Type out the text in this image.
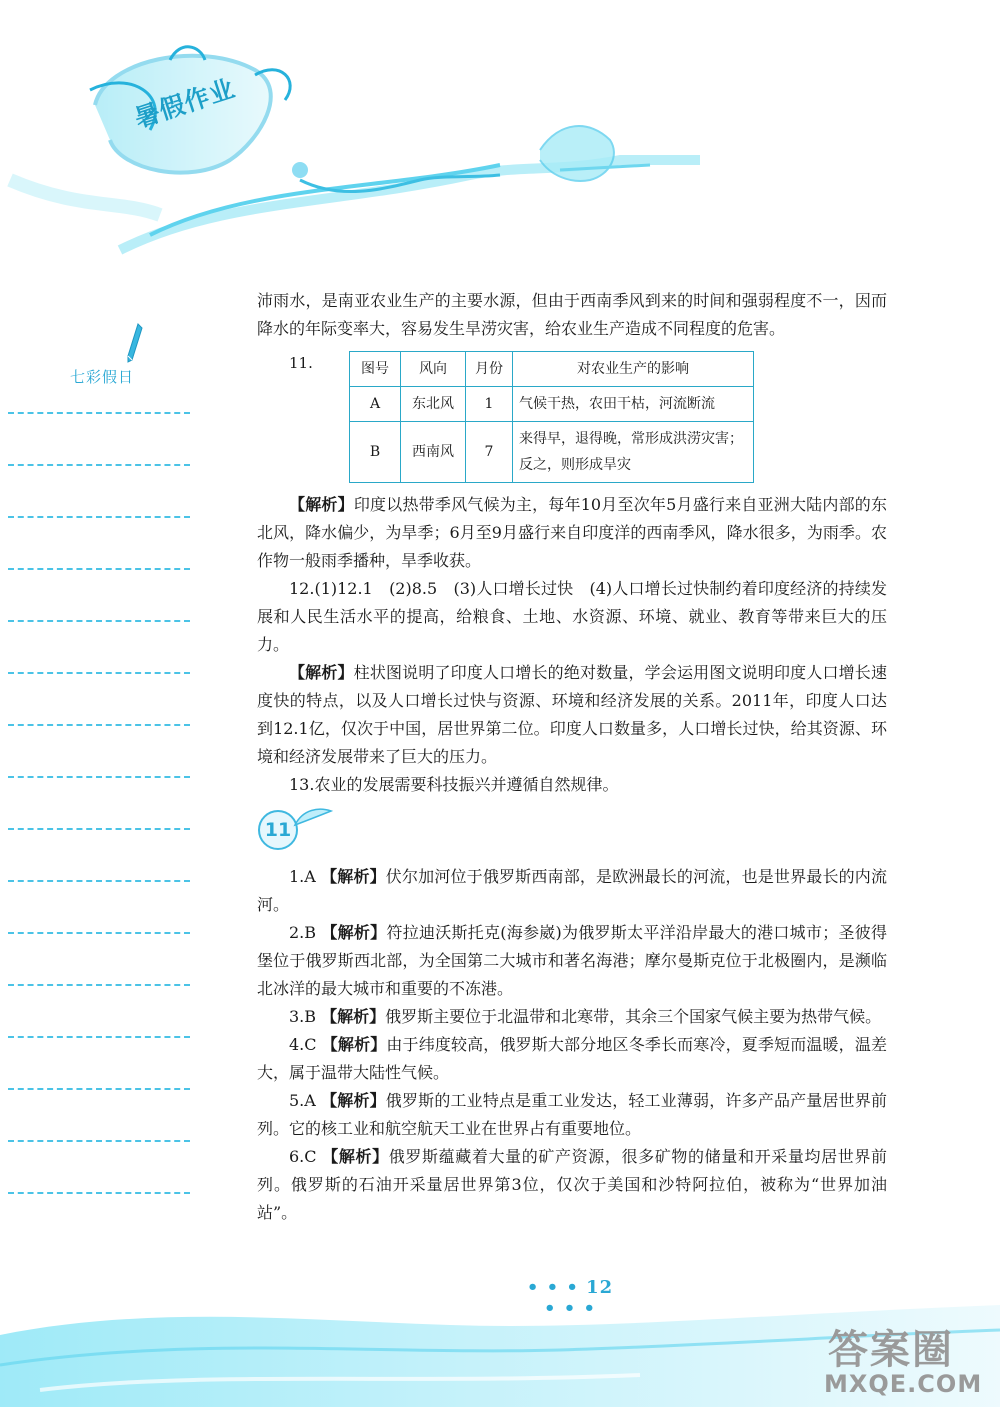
暑假作业
七彩假日

沛雨水，是南亚农业生产的主要水源，但由于西南季风到来的时间和强弱程度不一，因而降水的年际变率大，容易发生旱涝灾害，给农业生产造成不同程度的危害。

11.	图号	风向	月份	对农业生产的影响
A	东北风	1	气候干热，农田干枯，河流断流
B	西南风	7	来得早，退得晚，常形成洪涝灾害；反之，则形成旱灾

【解析】印度以热带季风气候为主，每年10月至次年5月盛行来自亚洲大陆内部的东北风，降水偏少，为旱季；6月至9月盛行来自印度洋的西南季风，降水很多，为雨季。农作物一般雨季播种，旱季收获。

12.(1)12.1　(2)8.5　(3)人口增长过快　(4)人口增长过快制约着印度经济的持续发展和人民生活水平的提高，给粮食、土地、水资源、环境、就业、教育等带来巨大的压力。

【解析】柱状图说明了印度人口增长的绝对数量，学会运用图文说明印度人口增长速度快的特点，以及人口增长过快与资源、环境和经济发展的关系。2011年，印度人口达到12.1亿，仅次于中国，居世界第二位。印度人口数量多，人口增长过快，给其资源、环境和经济发展带来了巨大的压力。

13.农业的发展需要科技振兴并遵循自然规律。

11

1.A 【解析】伏尔加河位于俄罗斯西南部，是欧洲最长的河流，也是世界最长的内流河。

2.B 【解析】符拉迪沃斯托克(海参崴)为俄罗斯太平洋沿岸最大的港口城市；圣彼得堡位于俄罗斯西北部，为全国第二大城市和著名海港；摩尔曼斯克位于北极圈内，是濒临北冰洋的最大城市和重要的不冻港。

3.B 【解析】俄罗斯主要位于北温带和北寒带，其余三个国家气候主要为热带气候。

4.C 【解析】由于纬度较高，俄罗斯大部分地区冬季长而寒冷，夏季短而温暖，温差大，属于温带大陆性气候。

5.A 【解析】俄罗斯的工业特点是重工业发达，轻工业薄弱，许多产品产量居世界前列。它的核工业和航空航天工业在世界占有重要地位。

6.C 【解析】俄罗斯蕴藏着大量的矿产资源，很多矿物的储量和开采量均居世界前列。俄罗斯的石油开采量居世界第3位，仅次于美国和沙特阿拉伯，被称为“世界加油站”。

• • • 12 • • •
答案圈
MXQE.COM
